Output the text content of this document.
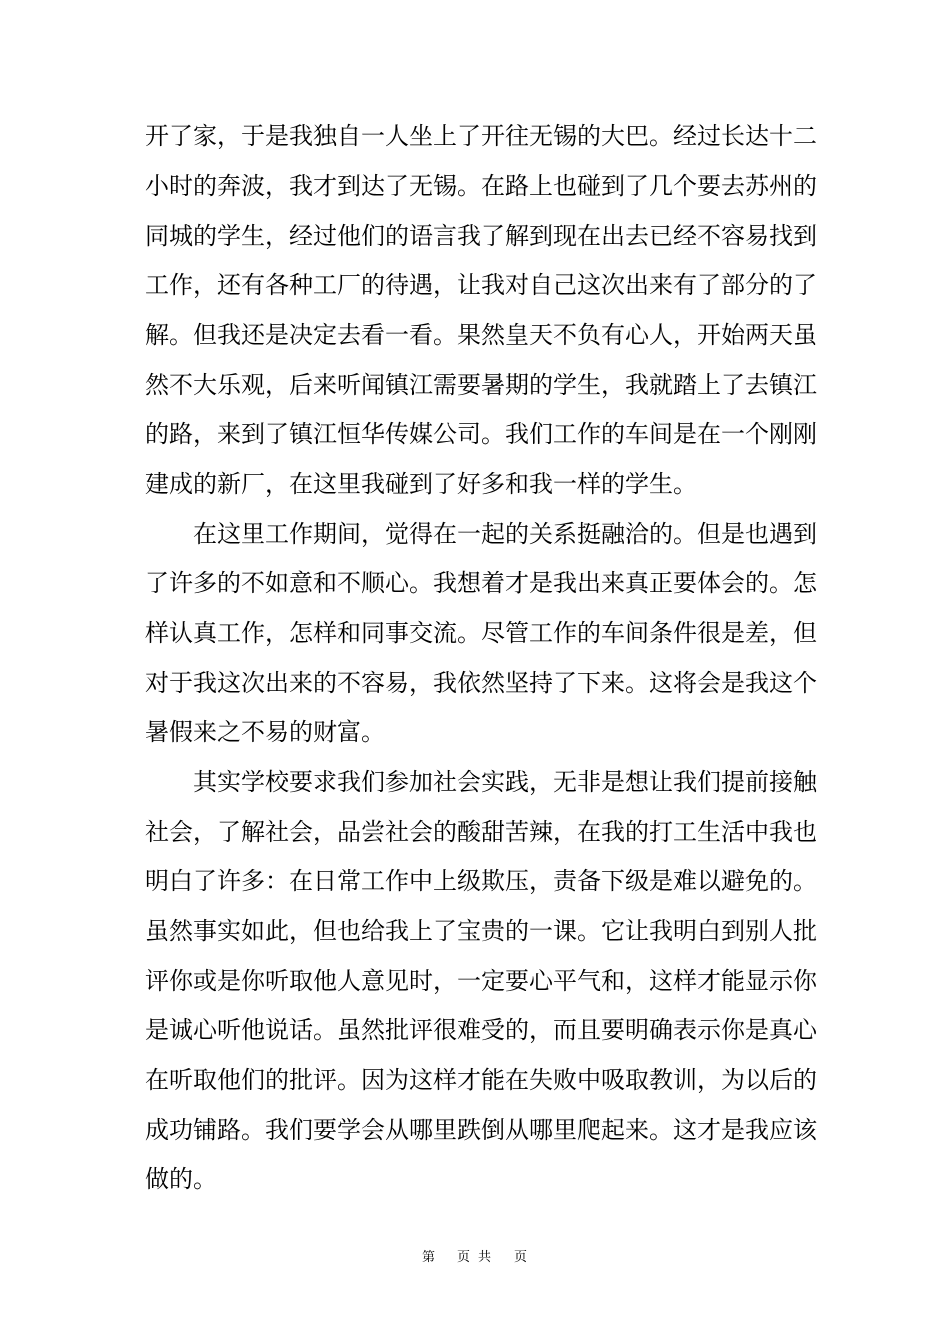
开了家，于是我独自一人坐上了开往无锡的大巴。经过长达十二
小时的奔波，我才到达了无锡。在路上也碰到了几个要去苏州的
同城的学生，经过他们的语言我了解到现在出去已经不容易找到
工作，还有各种工厂的待遇，让我对自己这次出来有了部分的了
解。但我还是决定去看一看。果然皇天不负有心人，开始两天虽
然不大乐观，后来听闻镇江需要暑期的学生，我就踏上了去镇江
的路，来到了镇江恒华传媒公司。我们工作的车间是在一个刚刚
建成的新厂，在这里我碰到了好多和我一样的学生。
在这里工作期间，觉得在一起的关系挺融洽的。但是也遇到
了许多的不如意和不顺心。我想着才是我出来真正要体会的。怎
样认真工作，怎样和同事交流。尽管工作的车间条件很是差，但
对于我这次出来的不容易，我依然坚持了下来。这将会是我这个
暑假来之不易的财富。
其实学校要求我们参加社会实践，无非是想让我们提前接触
社会，了解社会，品尝社会的酸甜苦辣，在我的打工生活中我也
明白了许多：在日常工作中上级欺压，责备下级是难以避免的。
虽然事实如此，但也给我上了宝贵的一课。它让我明白到别人批
评你或是你听取他人意见时，一定要心平气和，这样才能显示你
是诚心听他说话。虽然批评很难受的，而且要明确表示你是真心
在听取他们的批评。因为这样才能在失败中吸取教训，为以后的
成功铺路。我们要学会从哪里跌倒从哪里爬起来。这才是我应该
做的。
第 页 共 页
